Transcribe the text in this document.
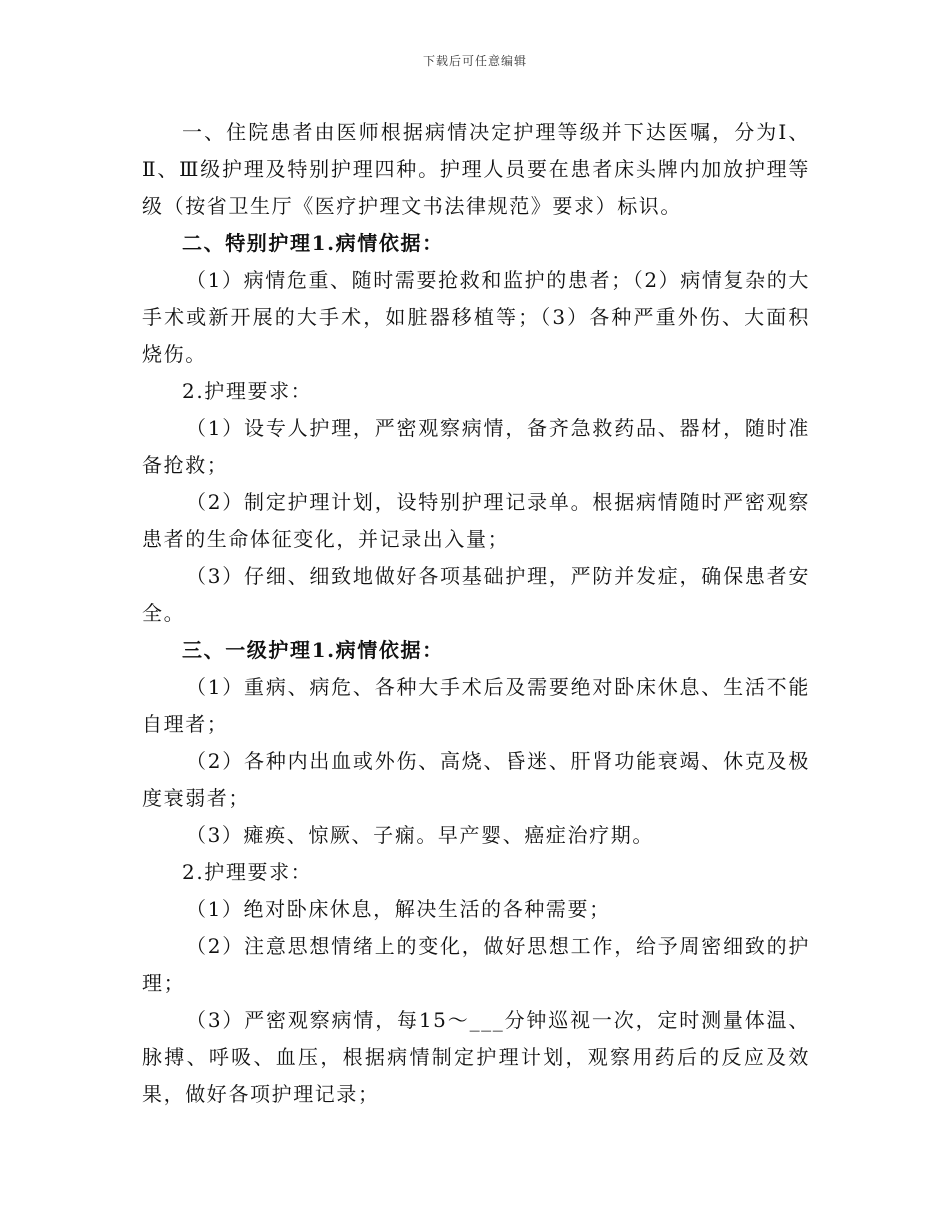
下载后可任意编辑

一、住院患者由医师根据病情决定护理等级并下达医嘱，分为Ⅰ、Ⅱ、Ⅲ级护理及特别护理四种。护理人员要在患者床头牌内加放护理等级（按省卫生厅《医疗护理文书法律规范》要求）标识。

二、特别护理1.病情依据：

（1）病情危重、随时需要抢救和监护的患者；（2）病情复杂的大手术或新开展的大手术，如脏器移植等；（3）各种严重外伤、大面积烧伤。

2.护理要求：

（1）设专人护理，严密观察病情，备齐急救药品、器材，随时准备抢救；

（2）制定护理计划，设特别护理记录单。根据病情随时严密观察患者的生命体征变化，并记录出入量；

（3）仔细、细致地做好各项基础护理，严防并发症，确保患者安全。

三、一级护理1.病情依据：

（1）重病、病危、各种大手术后及需要绝对卧床休息、生活不能自理者；

（2）各种内出血或外伤、高烧、昏迷、肝肾功能衰竭、休克及极度衰弱者；

（3）瘫痪、惊厥、子痫。早产婴、癌症治疗期。

2.护理要求：

（1）绝对卧床休息，解决生活的各种需要；

（2）注意思想情绪上的变化，做好思想工作，给予周密细致的护理；

（3）严密观察病情，每15～___分钟巡视一次，定时测量体温、脉搏、呼吸、血压，根据病情制定护理计划，观察用药后的反应及效果，做好各项护理记录；
